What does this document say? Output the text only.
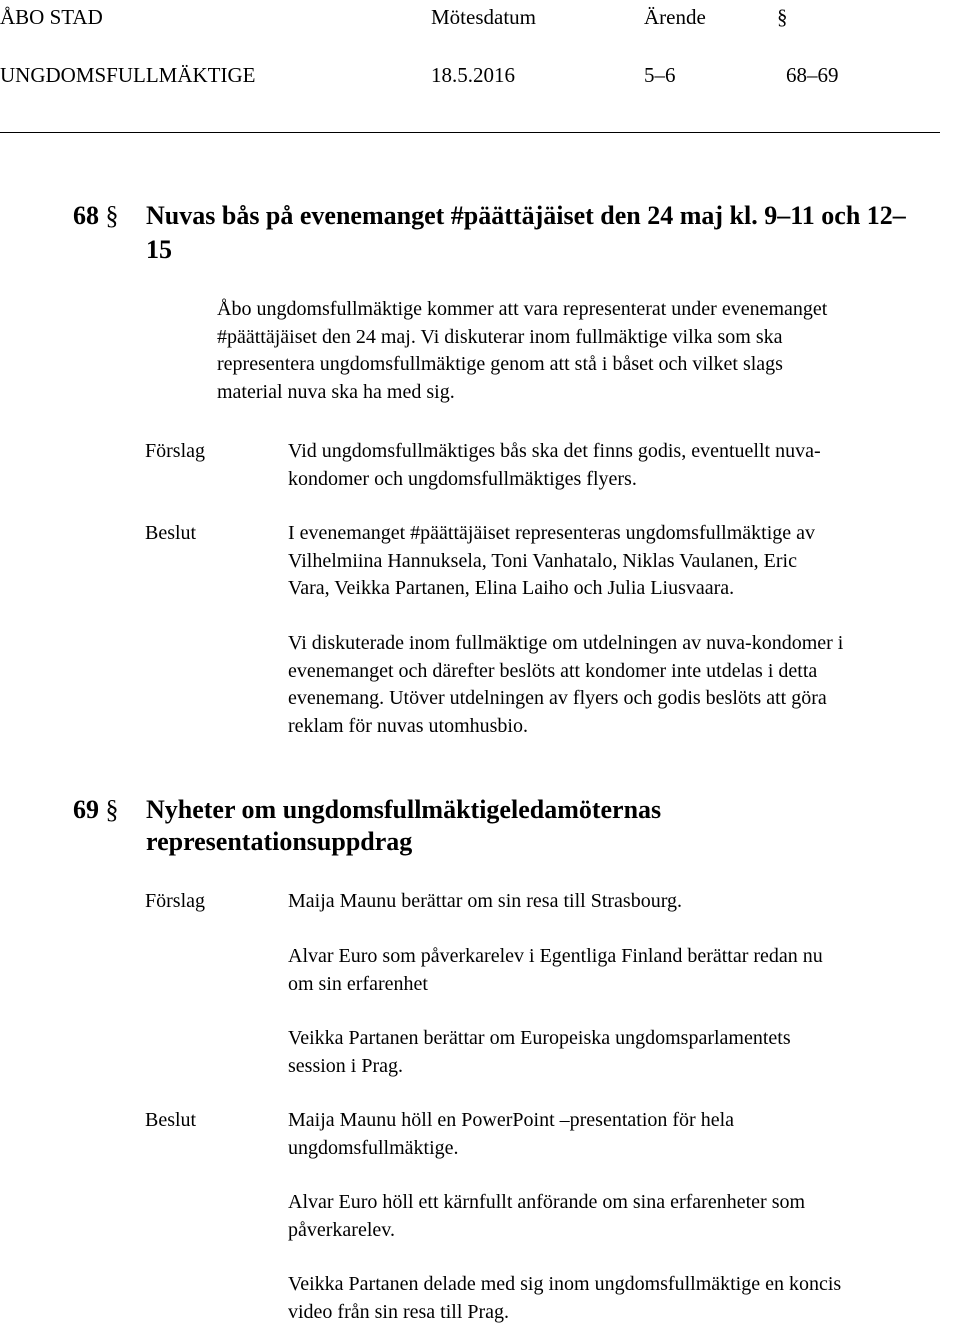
ÅBO STAD	Mötesdatum	Ärende	§
UNGDOMSFULLMÄKTIGE	18.5.2016	5–6	68–69
68 § Nuvas bås på evenemanget #päättäjäiset den 24 maj kl. 9–11 och 12–
15
Åbo ungdomsfullmäktige kommer att vara representerat under evenemanget
#päättäjäiset den 24 maj. Vi diskuterar inom fullmäktige vilka som ska
representera ungdomsfullmäktige genom att stå i båset och vilket slags
material nuva ska ha med sig.
Förslag	Vid ungdomsfullmäktiges bås ska det finns godis, eventuellt nuva-
kondomer och ungdomsfullmäktiges flyers.
Beslut	I evenemanget #päättäjäiset representeras ungdomsfullmäktige av
Vilhelmiina Hannuksela, Toni Vanhatalo, Niklas Vaulanen, Eric
Vara, Veikka Partanen, Elina Laiho och Julia Liusvaara.
Vi diskuterade inom fullmäktige om utdelningen av nuva-kondomer i
evenemanget och därefter beslöts att kondomer inte utdelas i detta
evenemang. Utöver utdelningen av flyers och godis beslöts att göra
reklam för nuvas utomhusbio.
69 § Nyheter om ungdomsfullmäktigeledamöternas
representationsuppdrag
Förslag	Maija Maunu berättar om sin resa till Strasbourg.
Alvar Euro som påverkarelev i Egentliga Finland berättar redan nu
om sin erfarenhet
Veikka Partanen berättar om Europeiska ungdomsparlamentets
session i Prag.
Beslut	Maija Maunu höll en PowerPoint –presentation för hela
ungdomsfullmäktige.
Alvar Euro höll ett kärnfullt anförande om sina erfarenheter som
påverkarelev.
Veikka Partanen delade med sig inom ungdomsfullmäktige en koncis
video från sin resa till Prag.
